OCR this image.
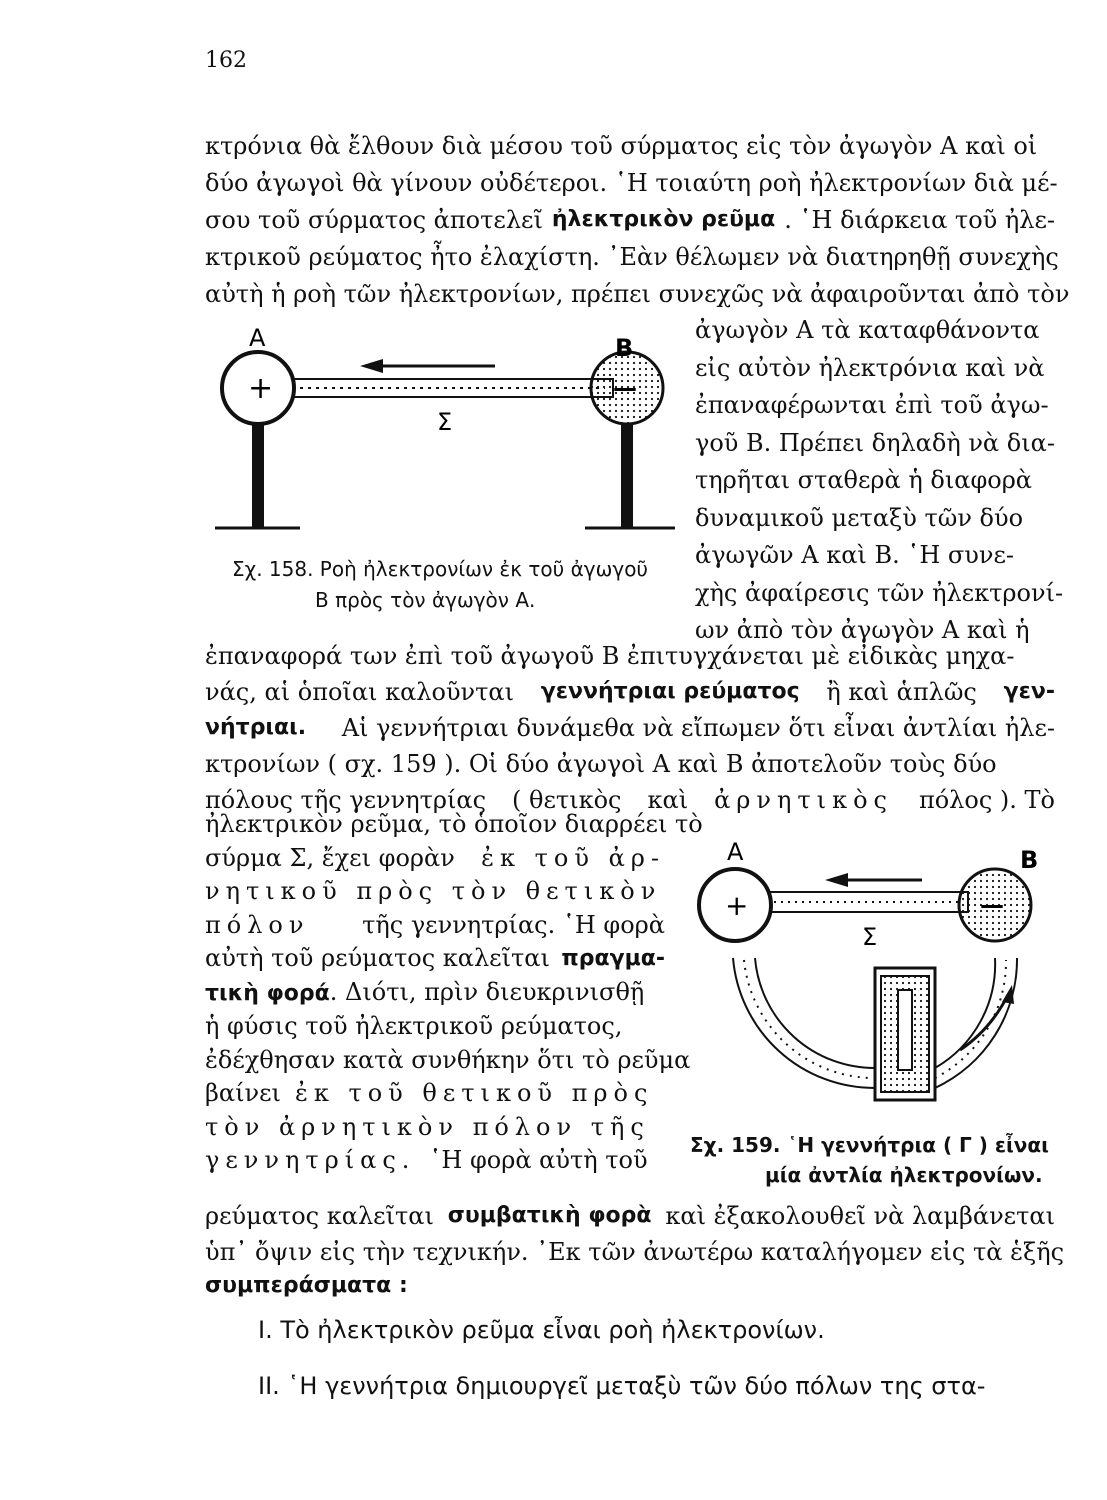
162
κτρόνια θὰ ἔλθουν διὰ μέσου τοῦ σύρματος εἰς τὸν ἀγωγὸν Α καὶ οἱ
δύο ἀγωγοὶ θὰ γίνουν οὐδέτεροι. ῾Η τοιαύτη ροὴ ἠλεκτρονίων διὰ μέ-
σου τοῦ σύρματος ἀποτελεῖ ἠλεκτρικὸν ρεῦμα . ῾Η διάρκεια τοῦ ἠλε-
κτρικοῦ ρεύματος ἦτο ἐλαχίστη. ᾿Εὰν θέλωμεν νὰ διατηρηθῇ συνεχὴς
αὐτὴ ἡ ροὴ τῶν ἠλεκτρονίων, πρέπει συνεχῶς νὰ ἀφαιροῦνται ἀπὸ τὸν
A	B
+	—
Σ
Σχ. 158. Ροὴ ἠλεκτρονίων ἐκ τοῦ ἀγωγοῦ
Β πρὸς τὸν ἀγωγὸν Α.
ἀγωγὸν Α τὰ καταφθάνοντα
εἰς αὐτὸν ἠλεκτρόνια καὶ νὰ
ἐπαναφέρωνται ἐπὶ τοῦ ἀγω-
γοῦ Β. Πρέπει δηλαδὴ νὰ δια-
τηρῆται σταθερὰ ἡ διαφορὰ
δυναμικοῦ μεταξὺ τῶν δύο
ἀγωγῶν Α καὶ Β. ῾Η συνε-
χὴς ἀφαίρεσις τῶν ἠλεκτρονί-
ων ἀπὸ τὸν ἀγωγὸν Α καὶ ἡ
ἐπαναφορά των ἐπὶ τοῦ ἀγωγοῦ Β ἐπιτυγχάνεται μὲ εἰδικὰς μηχα-
νάς, αἱ ὁποῖαι καλοῦνται γεννήτριαι ρεύματος ἢ καὶ ἁπλῶς γεν-
νήτριαι. Αἱ γεννήτριαι δυνάμεθα νὰ εἴπωμεν ὅτι εἶναι ἀντλίαι ἠλε-
κτρονίων ( σχ. 159 ). Οἱ δύο ἀγωγοὶ Α καὶ Β ἀποτελοῦν τοὺς δύο
πόλους τῆς γεννητρίας ( θετικὸς καὶ ἀρνητικὸς πόλος ). Τὸ
ἠλεκτρικὸν ρεῦμα, τὸ ὁποῖον διαρρέει τὸ
σύρμα Σ, ἔχει φορὰν ἐκ τοῦ ἀρ-
νητικοῦ πρὸς τὸν θετικὸν
πόλον τῆς γεννητρίας. ῾Η φορὰ
αὐτὴ τοῦ ρεύματος καλεῖται πραγμα-
τικὴ φορά. Διότι, πρὶν διευκρινισθῇ
ἡ φύσις τοῦ ἠλεκτρικοῦ ρεύματος,
ἐδέχθησαν κατὰ συνθήκην ὅτι τὸ ρεῦμα
βαίνει ἐκ τοῦ θετικοῦ πρὸς
τὸν ἀρνητικὸν πόλον τῆς
γεννητρίας. ῾Η φορὰ αὐτὴ τοῦ
A	B
+	—
Σ
Σχ. 159. ῾Η γεννήτρια ( Γ ) εἶναι
μία ἀντλία ἠλεκτρονίων.
ρεύματος καλεῖται συμβατικὴ φορὰ καὶ ἐξακολουθεῖ νὰ λαμβάνεται
ὑπ᾿ ὄψιν εἰς τὴν τεχνικήν. ᾿Εκ τῶν ἀνωτέρω καταλήγομεν εἰς τὰ ἑξῆς
συμπεράσματα :
I. Τὸ ἠλεκτρικὸν ρεῦμα εἶναι ροὴ ἠλεκτρονίων.
II. ῾Η γεννήτρια δημιουργεῖ μεταξὺ τῶν δύο πόλων της στα-
